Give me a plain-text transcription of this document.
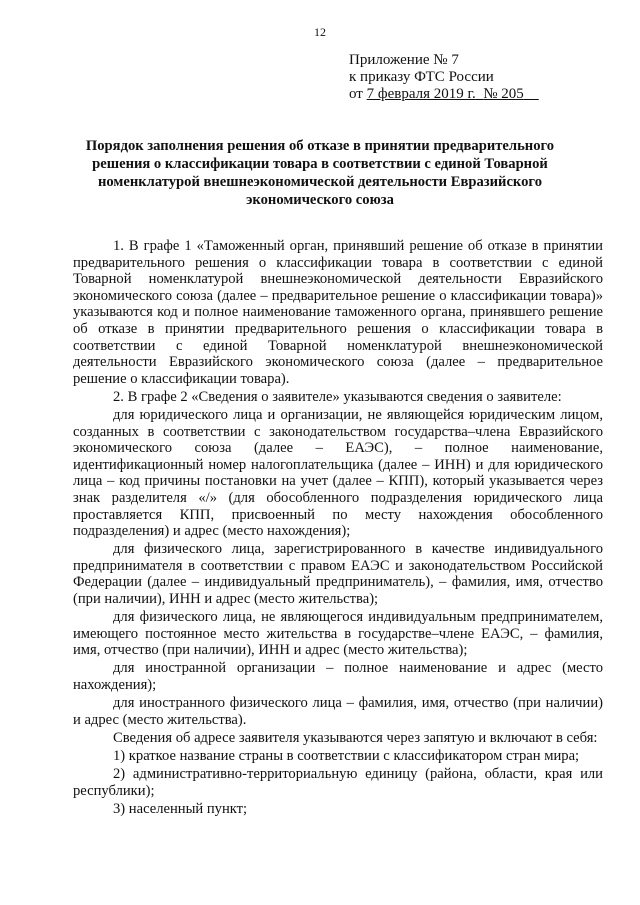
12
Приложение № 7
к приказу ФТС России
от 7 февраля 2019 г. № 205
Порядок заполнения решения об отказе в принятии предварительного решения о классификации товара в соответствии с единой Товарной номенклатурой внешнеэкономической деятельности Евразийского экономического союза

1. В графе 1 «Таможенный орган, принявший решение об отказе в принятии предварительного решения о классификации товара в соответствии с единой Товарной номенклатурой внешнеэкономической деятельности Евразийского экономического союза (далее – предварительное решение о классификации товара)» указываются код и полное наименование таможенного органа, принявшего решение об отказе в принятии предварительного решения о классификации товара в соответствии с единой Товарной номенклатурой внешнеэкономической деятельности Евразийского экономического союза (далее – предварительное решение о классификации товара).

2. В графе 2 «Сведения о заявителе» указываются сведения о заявителе:

для юридического лица и организации, не являющейся юридическим лицом, созданных в соответствии с законодательством государства–члена Евразийского экономического союза (далее – ЕАЭС), – полное наименование, идентификационный номер налогоплательщика (далее – ИНН) и для юридического лица – код причины постановки на учет (далее – КПП), который указывается через знак разделителя «/» (для обособленного подразделения юридического лица проставляется КПП, присвоенный по месту нахождения обособленного подразделения) и адрес (место нахождения);

для физического лица, зарегистрированного в качестве индивидуального предпринимателя в соответствии с правом ЕАЭС и законодательством Российской Федерации (далее – индивидуальный предприниматель), – фамилия, имя, отчество (при наличии), ИНН и адрес (место жительства);

для физического лица, не являющегося индивидуальным предпринимателем, имеющего постоянное место жительства в государстве–члене ЕАЭС, – фамилия, имя, отчество (при наличии), ИНН и адрес (место жительства);

для иностранной организации – полное наименование и адрес (место нахождения);

для иностранного физического лица – фамилия, имя, отчество (при наличии) и адрес (место жительства).

Сведения об адресе заявителя указываются через запятую и включают в себя:

1) краткое название страны в соответствии с классификатором стран мира;

2) административно-территориальную единицу (района, области, края или республики);

3) населенный пункт;
